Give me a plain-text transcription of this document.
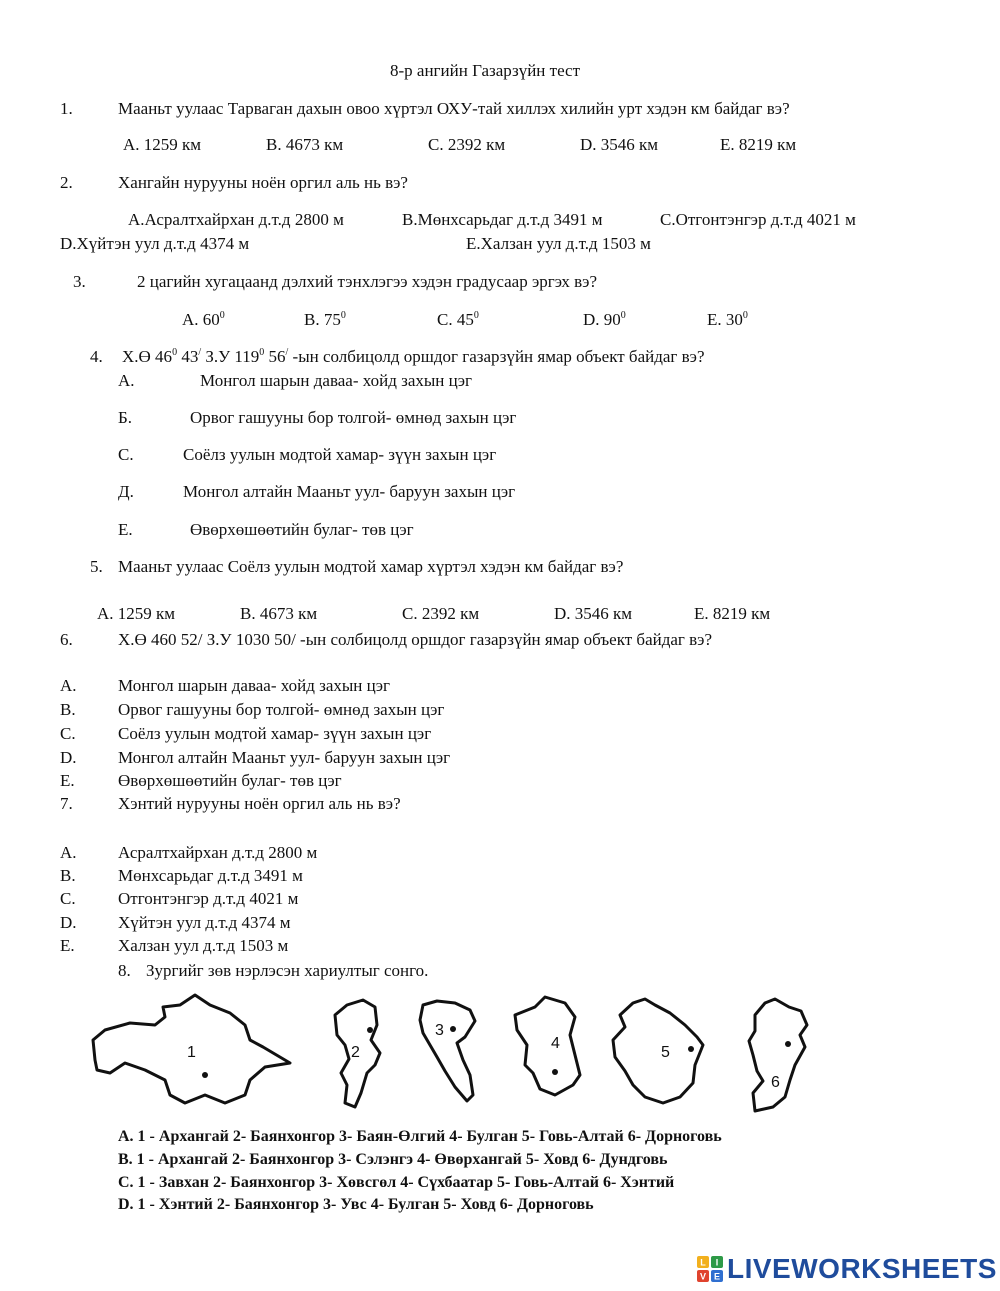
8-р ангийн Газарзүйн тест
1.	Мааньт уулаас Тарваган дахын овоо хүртэл ОХУ-тай хиллэх хилийн урт хэдэн км байдаг вэ?
A. 1259 км	B. 4673 км	C. 2392 км	D. 3546 км	E. 8219 км
2.	Хангайн нурууны ноён оргил аль нь вэ?
A.Асралтхайрхан д.т.д 2800 м	B.Мөнхсарьдаг д.т.д 3491 м	C.Отгонтэнгэр д.т.д 4021 м
D.Хүйтэн уул д.т.д 4374 м	E.Халзан уул д.т.д 1503 м
3.	2 цагийн хугацаанд дэлхий тэнхлэгээ хэдэн градусаар эргэх вэ?
A. $60^0$	B. $75^0$	C. $45^0$	D. $90^0$	E. $30^0$
4. Х.Ө $46^0$ 43/ З.У $119^0$ 56/ -ын солбицолд оршдог газарзүйн ямар объект байдаг вэ?
А.	Монгол шарын даваа- хойд захын цэг
Б.	Орвог гашууны бор толгой- өмнөд захын цэг
С.	Соёлз уулын модтой хамар- зүүн захын цэг
Д.	Монгол алтайн Мааньт уул- баруун захын цэг
Е.	Өвөрхөшөөтийн булаг- төв цэг
5. Мааньт уулаас Соёлз уулын модтой хамар хүртэл хэдэн км байдаг вэ?
A. 1259 км	B. 4673 км	C. 2392 км	D. 3546 км	E. 8219 км
6.	Х.Ө 460 52/ З.У 1030 50/ -ын солбицолд оршдог газарзүйн ямар объект байдаг вэ?
A. Монгол шарын даваа- хойд захын цэг
B. Орвог гашууны бор толгой- өмнөд захын цэг
C. Соёлз уулын модтой хамар- зүүн захын цэг
D. Монгол алтайн Мааньт уул- баруун захын цэг
E.	Өвөрхөшөөтийн булаг- төв цэг
7.	Хэнтий нурууны ноён оргил аль нь вэ?
A. Асралтхайрхан д.т.д 2800 м
B. Мөнхсарьдаг д.т.д 3491 м
C. Отгонтэнгэр д.т.д 4021 м
D. Хүйтэн уул д.т.д 4374 м
E.	Халзан уул д.т.д 1503 м
8. Зургийг зөв нэрлэсэн хариултыг сонго.
1	2
3
4
5
6
A. 1 - Архангай 2- Баянхонгор 3- Баян-Өлгий 4- Булган 5- Говь-Алтай 6- Дорноговь
B. 1 - Архангай 2- Баянхонгор 3- Сэлэнгэ 4- Өвөрхангай 5- Ховд 6- Дундговь
C. 1 - Завхан 2- Баянхонгор 3- Хөвсгөл 4- Сүхбаатар 5- Говь-Алтай 6- Хэнтий
D. 1 - Хэнтий 2- Баянхонгор 3- Увс 4- Булган 5- Ховд 6- Дорноговь
L I
V E LIVEWORKSHEETS
